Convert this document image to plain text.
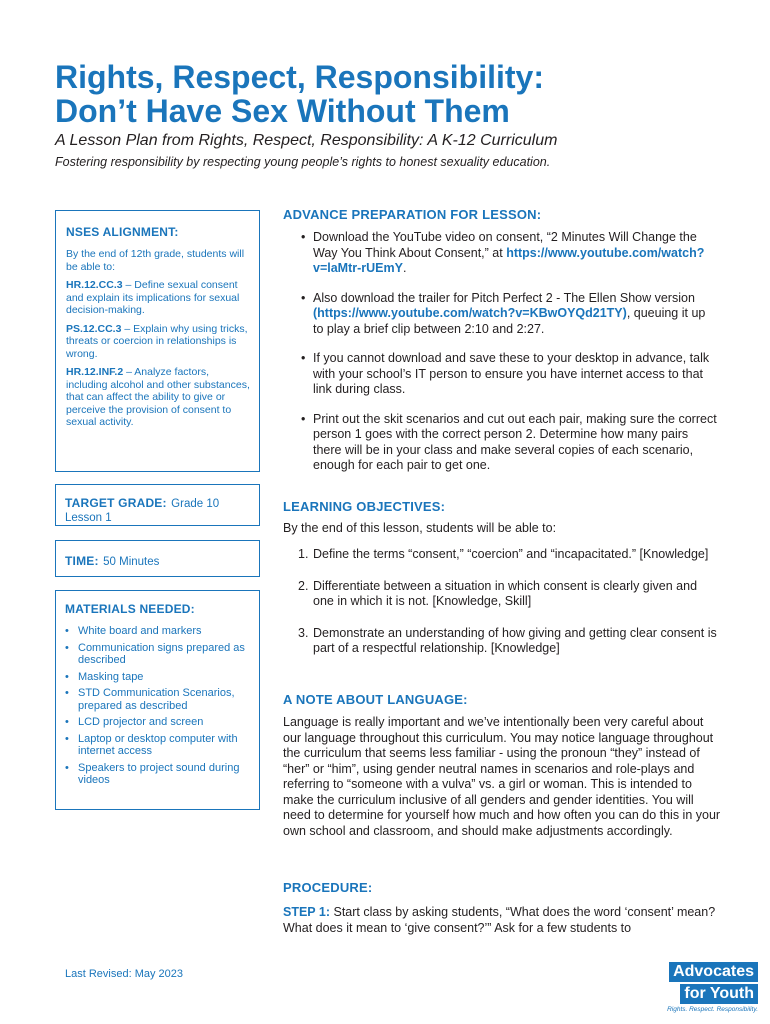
Rights, Respect, Responsibility:
Don’t Have Sex Without Them
A Lesson Plan from Rights, Respect, Responsibility: A K-12 Curriculum
Fostering responsibility by respecting young people’s rights to honest sexuality education.
NSES ALIGNMENT:

By the end of 12th grade, students will be able to:

HR.12.CC.3 – Define sexual consent and explain its implications for sexual decision-making.

PS.12.CC.3 – Explain why using tricks, threats or coercion in relationships is wrong.

HR.12.INF.2 – Analyze factors, including alcohol and other substances, that can affect the ability to give or perceive the provision of consent to sexual activity.

TARGET GRADE: Grade 10
Lesson 1
TIME: 50 Minutes
MATERIALS NEEDED:
• White board and markers
• Communication signs prepared as described
• Masking tape
• STD Communication Scenarios, prepared as described
• LCD projector and screen
• Laptop or desktop computer with internet access
• Speakers to project sound during videos
ADVANCE PREPARATION FOR LESSON:
• Download the YouTube video on consent, “2 Minutes Will Change the Way You Think About Consent,” at https://www.youtube.com/watch?v=laMtr-rUEmY.
• Also download the trailer for Pitch Perfect 2 - The Ellen Show version (https://www.youtube.com/watch?v=KBwOYQd21TY), queuing it up to play a brief clip between 2:10 and 2:27.
• If you cannot download and save these to your desktop in advance, talk with your school’s IT person to ensure you have internet access to that link during class.
• Print out the skit scenarios and cut out each pair, making sure the correct person 1 goes with the correct person 2. Determine how many pairs there will be in your class and make several copies of each scenario, enough for each pair to get one.
LEARNING OBJECTIVES:
By the end of this lesson, students will be able to:
1. Define the terms “consent,” “coercion” and “incapacitated.” [Knowledge]
2. Differentiate between a situation in which consent is clearly given and one in which it is not. [Knowledge, Skill]
3. Demonstrate an understanding of how giving and getting clear consent is part of a respectful relationship. [Knowledge]
A NOTE ABOUT LANGUAGE:
Language is really important and we’ve intentionally been very careful about our language throughout this curriculum. You may notice language throughout the curriculum that seems less familiar - using the pronoun “they” instead of “her” or “him”, using gender neutral names in scenarios and role-plays and referring to “someone with a vulva” vs. a girl or woman. This is intended to make the curriculum inclusive of all genders and gender identities. You will need to determine for yourself how much and how often you can do this in your own school and classroom, and should make adjustments accordingly.
PROCEDURE:
STEP 1: Start class by asking students, “What does the word ‘consent’ mean? What does it mean to ‘give consent?’” Ask for a few students to
Last Revised: May 2023	Advocates
for Youth
Rights. Respect. Responsibility.
